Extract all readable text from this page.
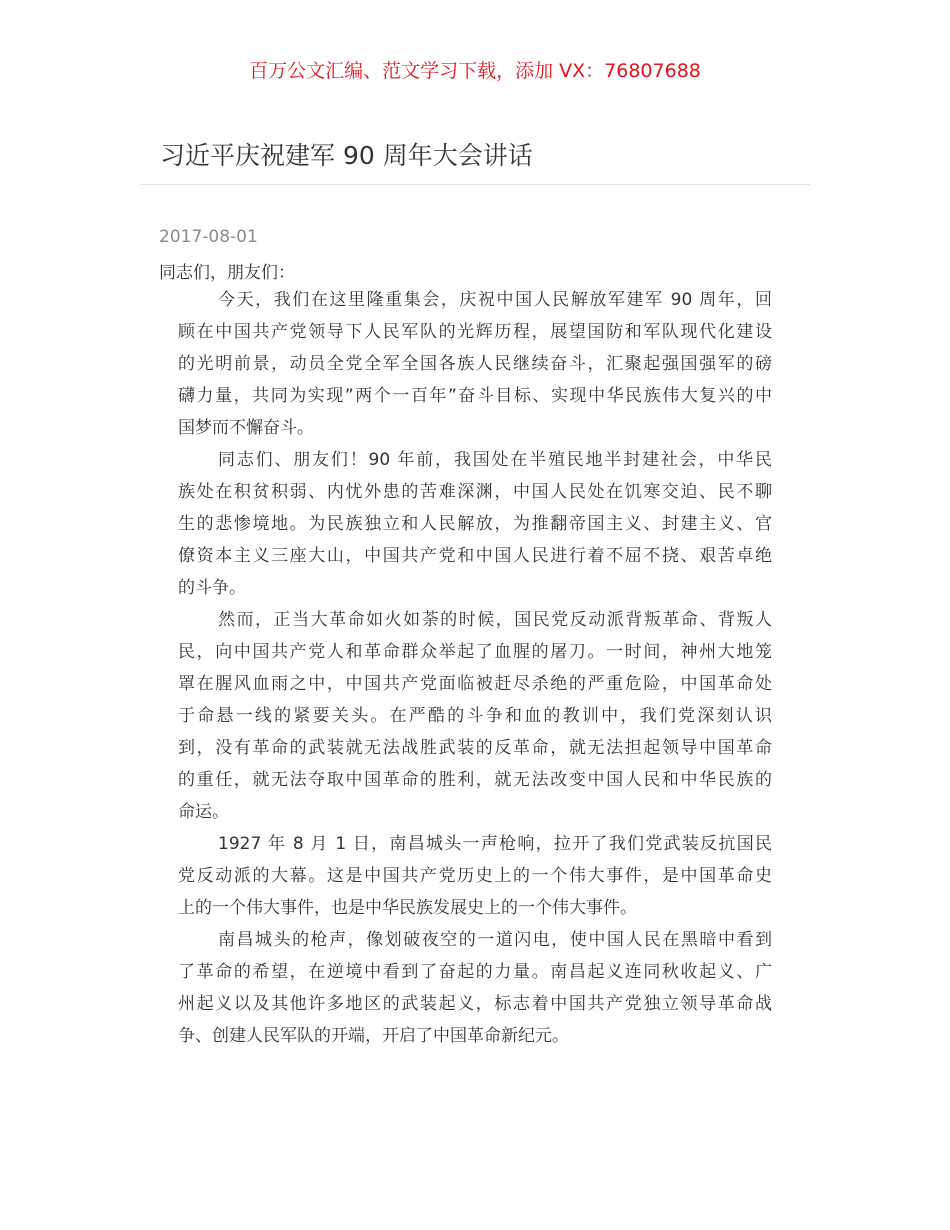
百万公文汇编、范文学习下载，添加 VX：76807688
习近平庆祝建军 90 周年大会讲话
2017-08-01
同志们，朋友们：
今天，我们在这里隆重集会，庆祝中国人民解放军建军 90 周年，回
顾在中国共产党领导下人民军队的光辉历程，展望国防和军队现代化建设
的光明前景，动员全党全军全国各族人民继续奋斗，汇聚起强国强军的磅
礴力量，共同为实现”两个一百年”奋斗目标、实现中华民族伟大复兴的中
国梦而不懈奋斗。
同志们、朋友们！90 年前，我国处在半殖民地半封建社会，中华民
族处在积贫积弱、内忧外患的苦难深渊，中国人民处在饥寒交迫、民不聊
生的悲惨境地。为民族独立和人民解放，为推翻帝国主义、封建主义、官
僚资本主义三座大山，中国共产党和中国人民进行着不屈不挠、艰苦卓绝
的斗争。
然而，正当大革命如火如荼的时候，国民党反动派背叛革命、背叛人
民，向中国共产党人和革命群众举起了血腥的屠刀。一时间，神州大地笼
罩在腥风血雨之中，中国共产党面临被赶尽杀绝的严重危险，中国革命处
于命悬一线的紧要关头。在严酷的斗争和血的教训中，我们党深刻认识
到，没有革命的武装就无法战胜武装的反革命，就无法担起领导中国革命
的重任，就无法夺取中国革命的胜利，就无法改变中国人民和中华民族的
命运。
1927 年 8 月 1 日，南昌城头一声枪响，拉开了我们党武装反抗国民
党反动派的大幕。这是中国共产党历史上的一个伟大事件，是中国革命史
上的一个伟大事件，也是中华民族发展史上的一个伟大事件。
南昌城头的枪声，像划破夜空的一道闪电，使中国人民在黑暗中看到
了革命的希望，在逆境中看到了奋起的力量。南昌起义连同秋收起义、广
州起义以及其他许多地区的武装起义，标志着中国共产党独立领导革命战
争、创建人民军队的开端，开启了中国革命新纪元。
